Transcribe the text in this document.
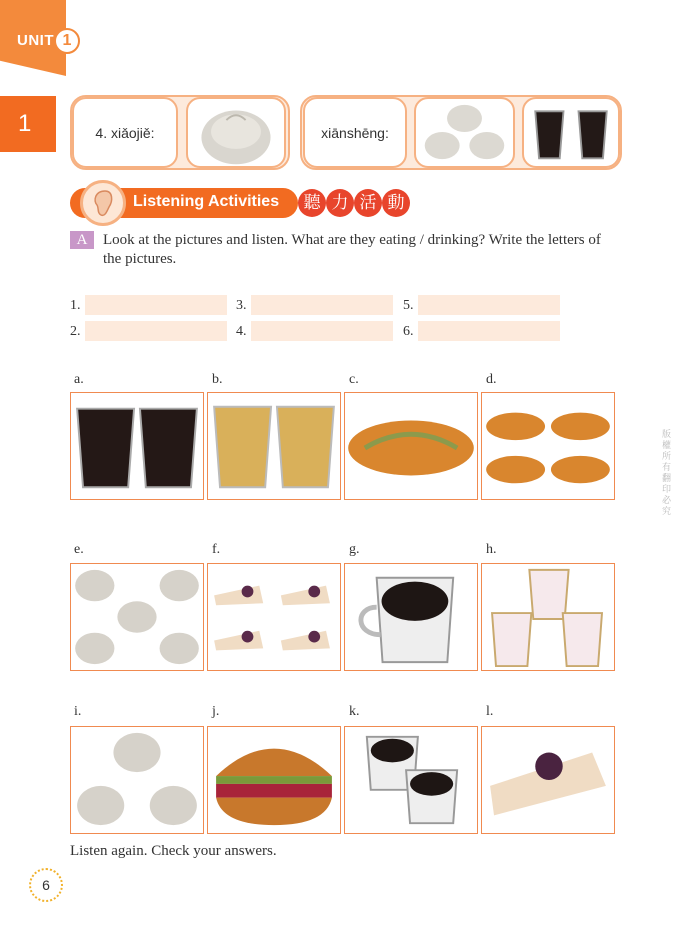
UNIT 1
1	4. xiǎojiě:	xiānshēng:
Listening Activities	聽 力 活 動
A	Look at the pictures and listen. What are they eating / drinking? Write the letters of the pictures.
1.
2.
3.
4.
5.
6.
a.	b.	c.	d.
e.	f.	g.	h.
i.	j.	k.	l.
Listen again. Check your answers.
6
版權所有翻印必究
